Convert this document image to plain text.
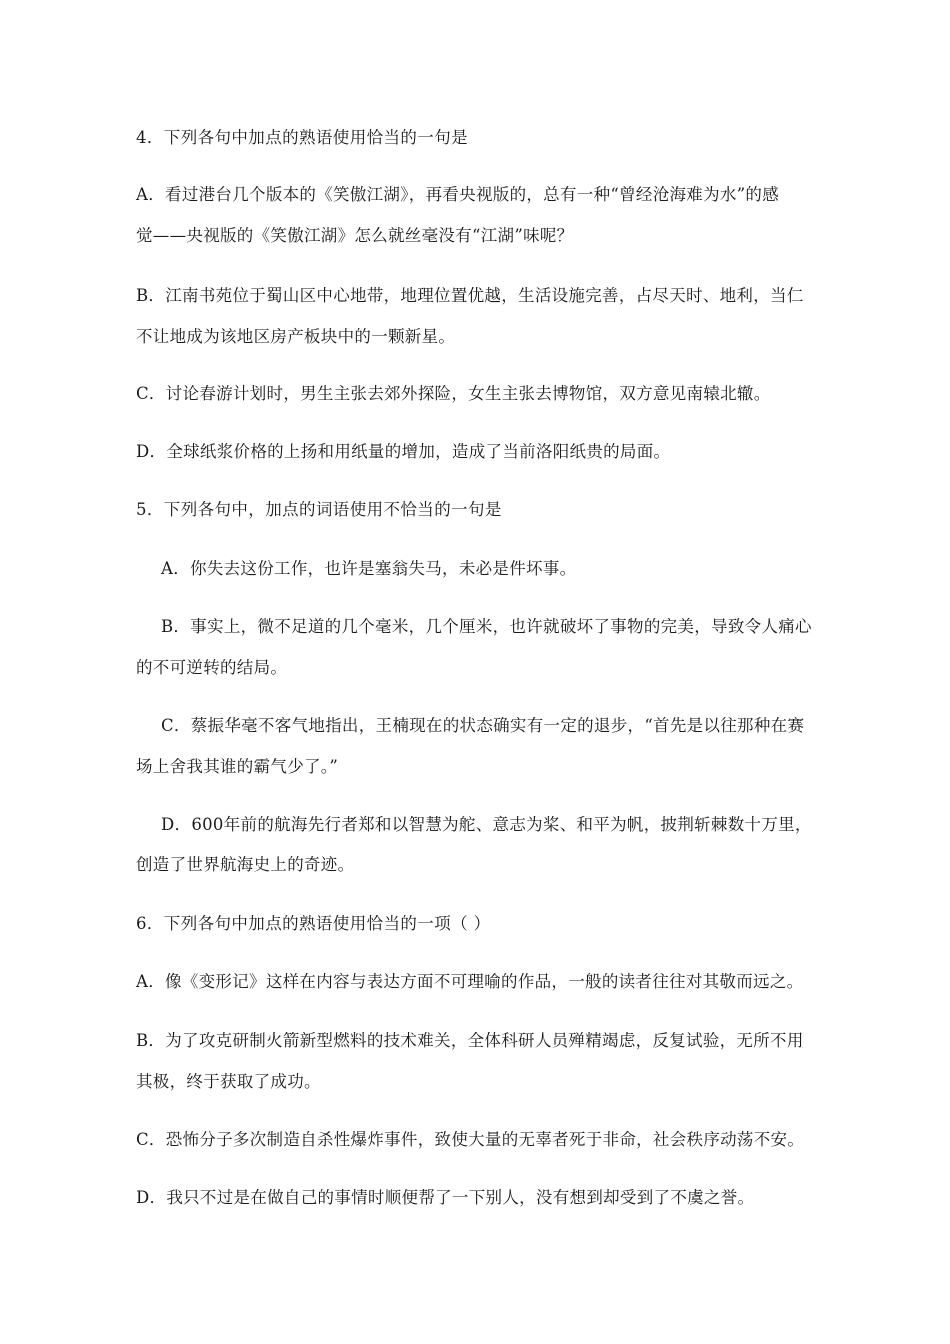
4．下列各句中加点的熟语使用恰当的一句是
A．看过港台几个版本的《笑傲江湖》，再看央视版的，总有一种“曾经沧海难为水”的感
觉——央视版的《笑傲江湖》怎么就丝毫没有“江湖”味呢？
B．江南书苑位于蜀山区中心地带，地理位置优越，生活设施完善，占尽天时、地利，当仁
不让地成为该地区房产板块中的一颗新星。
C．讨论春游计划时，男生主张去郊外探险，女生主张去博物馆，双方意见南辕北辙。
D．全球纸浆价格的上扬和用纸量的增加，造成了当前洛阳纸贵的局面。
5．下列各句中，加点的词语使用不恰当的一句是
A．你失去这份工作，也许是塞翁失马，未必是件坏事。
B．事实上，微不足道的几个毫米，几个厘米，也许就破坏了事物的完美，导致令人痛心
的不可逆转的结局。
C．蔡振华毫不客气地指出，王楠现在的状态确实有一定的退步，“首先是以往那种在赛
场上舍我其谁的霸气少了。”
D．600年前的航海先行者郑和以智慧为舵、意志为桨、和平为帆，披荆斩棘数十万里，
创造了世界航海史上的奇迹。
6．下列各句中加点的熟语使用恰当的一项（ ）
A．像《变形记》这样在内容与表达方面不可理喻的作品，一般的读者往往对其敬而远之。
B．为了攻克研制火箭新型燃料的技术难关，全体科研人员殚精竭虑，反复试验，无所不用
其极，终于获取了成功。
C．恐怖分子多次制造自杀性爆炸事件，致使大量的无辜者死于非命，社会秩序动荡不安。
D．我只不过是在做自己的事情时顺便帮了一下别人，没有想到却受到了不虞之誉。
